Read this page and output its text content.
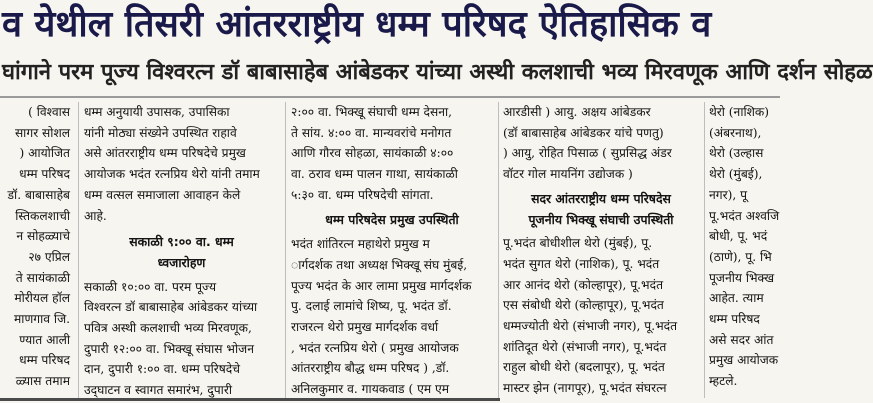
व येथील तिसरी आंतरराष्ट्रीय धम्म परिषद ऐतिहासिक व
घांगाने परम पूज्य विश्वरत्न डॉ बाबासाहेब आंबेडकर यांच्या अस्थी कलशाची भव्य मिरवणूक आणि दर्शन सोहळ
( विश्वास
सागर सोशल
) आयोजित
धम्म परिषद
डॉ. बाबासाहेब
स्तिकलशाची
न सोहळ्याचे
२७ एप्रिल
ते सायंकाळी
मोरीयल हॉल
माणगाव जि.
ण्यात आली
धम्म परिषद
ळ्यास तमाम
धम्म अनुयायी उपासक, उपासिका
यांनी मोठ्या संख्येने उपस्थित राहावे
असे आंतरराष्ट्रीय धम्म परिषदेचे प्रमुख
आयोजक भदंत रत्नप्रिय थेरो यांनी तमाम
धम्म वत्सल समाजाला आवाहन केले
आहे.
सकाळी ९:०० वा. धम्म
ध्वजारोहण
सकाळी १०:०० वा. परम पूज्य
विश्वरत्न डॉ बाबासाहेब आंबेडकर यांच्या
पवित्र अस्थी कलशाची भव्य मिरवणूक,
दुपारी १२:०० वा. भिक्खू संघास भोजन
दान, दुपारी १:०० वा. धम्म परिषदेचे
उद्‌घाटन व स्वागत समारंभ, दुपारी
२:०० वा. भिक्खू संघाची धम्म देसना,
ते सांय. ४:०० वा. मान्यवरांचे मनोगत
आणि गौरव सोहळा, सायंकाळी ४:००
वा. ठराव धम्म पालन गाथा, सायंकाळी
५:३० वा. धम्म परिषदेची सांगता.
धम्म परिषदेस प्रमुख उपस्थिती
भदंत शांतिरत्न महाथेरो प्रमुख म
ार्गदर्शक तथा अध्यक्ष भिक्खू संघ मुंबई,
पूज्य भदंत के आर लामा प्रमुख मार्गदर्शक
पु. दलाई लामांचे शिष्य, पू. भदंत डॉ.
राजरत्न थेरो प्रमुख मार्गदर्शक वर्धा
, भदंत रत्नप्रिय थेरो ( प्रमुख आयोजक
आंतरराष्ट्रीय बौद्ध धम्म परिषद ) ,डॉ.
अनिलकुमार व. गायकवाड ( एम एम
आरडीसी ) आयु. अक्षय आंबेडकर
(डॉ बाबासाहेब आंबेडकर यांचे पणतु)
) आयु, रोहित पिसाळ ( सुप्रसिद्ध अंडर
वॉटर गोल मायनिंग उद्योजक )
सदर आंतरराष्ट्रीय धम्म परिषदेस
पूजनीय भिक्खू संघाची उपस्थिती
पू.भदंत बोधीशील थेरो (मुंबई), पू.
भदंत सुगत थेरो (नाशिक), पू. भदंत
आर आनंद थेरो (कोल्हापूर), पू.भदंत
एस संबोधी थेरो (कोल्हापूर), पू.भदंत
धम्मज्योती थेरो (संभाजी नगर), पू.भदंत
शांतिदूत थेरो (संभाजी नगर), पू.भदंत
राहुल बोधी थेरो (बदलापूर), पू. भदंत
मास्टर झेन (नागपूर), पू.भदंत संघरत्न
थेरो (नाशिक)
(अंबरनाथ),
थेरो (उल्हास
थेरो (मुंबई),
नगर), पू
पू.भदंत अश्वजि
बोधी, पू. भदं
(ठाणे), पू. भि
पूजनीय भिक्ख
आहेत. त्याम
धम्म परिषद
असे सदर आंत
प्रमुख आयोजक
म्हटले.
